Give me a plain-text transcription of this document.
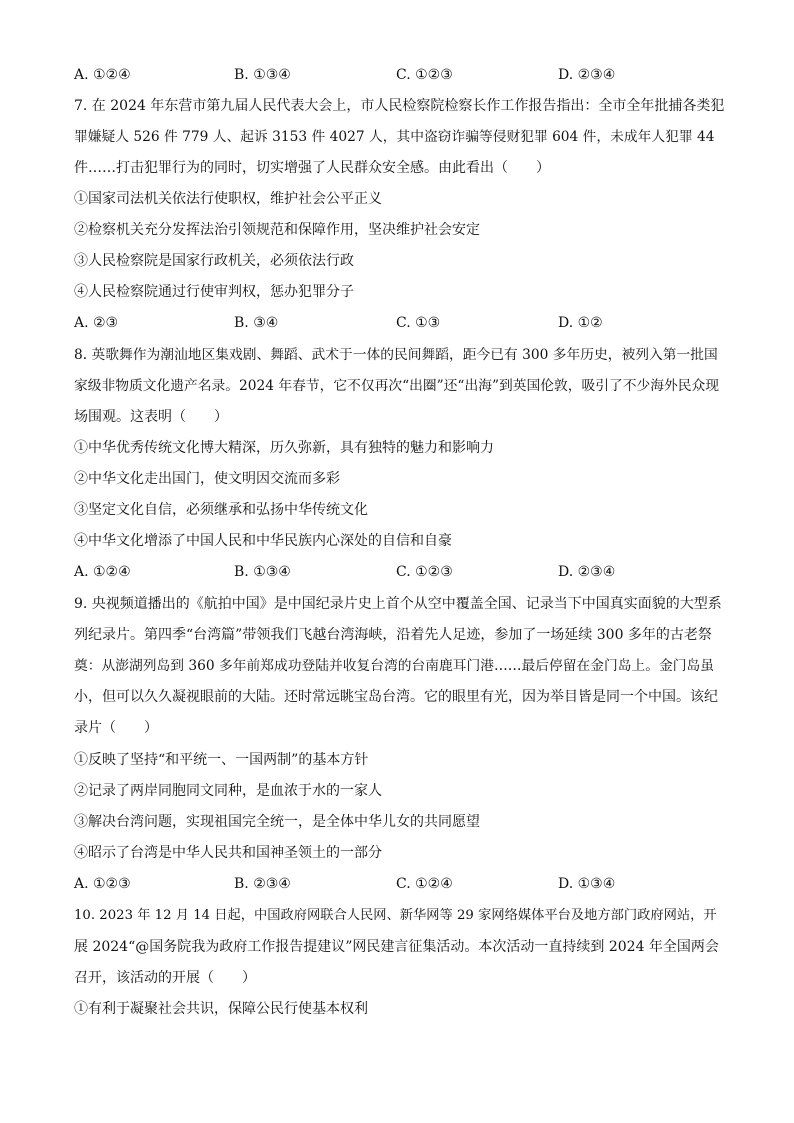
A. ①②④	B. ①③④	C. ①②③	D. ②③④
7. 在 2024 年东营市第九届人民代表大会上，市人民检察院检察长作工作报告指出：全市全年批捕各类犯
罪嫌疑人 526 件 779 人、起诉 3153 件 4027 人，其中盗窃诈骗等侵财犯罪 604 件，未成年人犯罪 44
件……打击犯罪行为的同时，切实增强了人民群众安全感。由此看出（　　）
①国家司法机关依法行使职权，维护社会公平正义
②检察机关充分发挥法治引领规范和保障作用，坚决维护社会安定
③人民检察院是国家行政机关，必须依法行政
④人民检察院通过行使审判权，惩办犯罪分子
A. ②③	B. ③④	C. ①③	D. ①②
8. 英歌舞作为潮汕地区集戏剧、舞蹈、武术于一体的民间舞蹈，距今已有 300 多年历史，被列入第一批国
家级非物质文化遗产名录。2024 年春节，它不仅再次“出圈”还“出海”到英国伦敦，吸引了不少海外民众现
场围观。这表明（　　）
①中华优秀传统文化博大精深，历久弥新，具有独特的魅力和影响力
②中华文化走出国门，使文明因交流而多彩
③坚定文化自信，必须继承和弘扬中华传统文化
④中华文化增添了中国人民和中华民族内心深处的自信和自豪
A. ①②④	B. ①③④	C. ①②③	D. ②③④
9. 央视频道播出的《航拍中国》是中国纪录片史上首个从空中覆盖全国、记录当下中国真实面貌的大型系
列纪录片。第四季“台湾篇”带领我们飞越台湾海峡，沿着先人足迹，参加了一场延续 300 多年的古老祭
奠：从澎湖列岛到 360 多年前郑成功登陆并收复台湾的台南鹿耳门港……最后停留在金门岛上。金门岛虽
小，但可以久久凝视眼前的大陆。还时常远眺宝岛台湾。它的眼里有光，因为举目皆是同一个中国。该纪
录片（　　）
①反映了坚持“和平统一、一国两制”的基本方针
②记录了两岸同胞同文同种，是血浓于水的一家人
③解决台湾问题，实现祖国完全统一，是全体中华儿女的共同愿望
④昭示了台湾是中华人民共和国神圣领土的一部分
A. ①②③	B. ②③④	C. ①②④	D. ①③④
10. 2023 年 12 月 14 日起，中国政府网联合人民网、新华网等 29 家网络媒体平台及地方部门政府网站，开
展 2024“@国务院我为政府工作报告提建议”网民建言征集活动。本次活动一直持续到 2024 年全国两会
召开，该活动的开展（　　）
①有利于凝聚社会共识，保障公民行使基本权利
